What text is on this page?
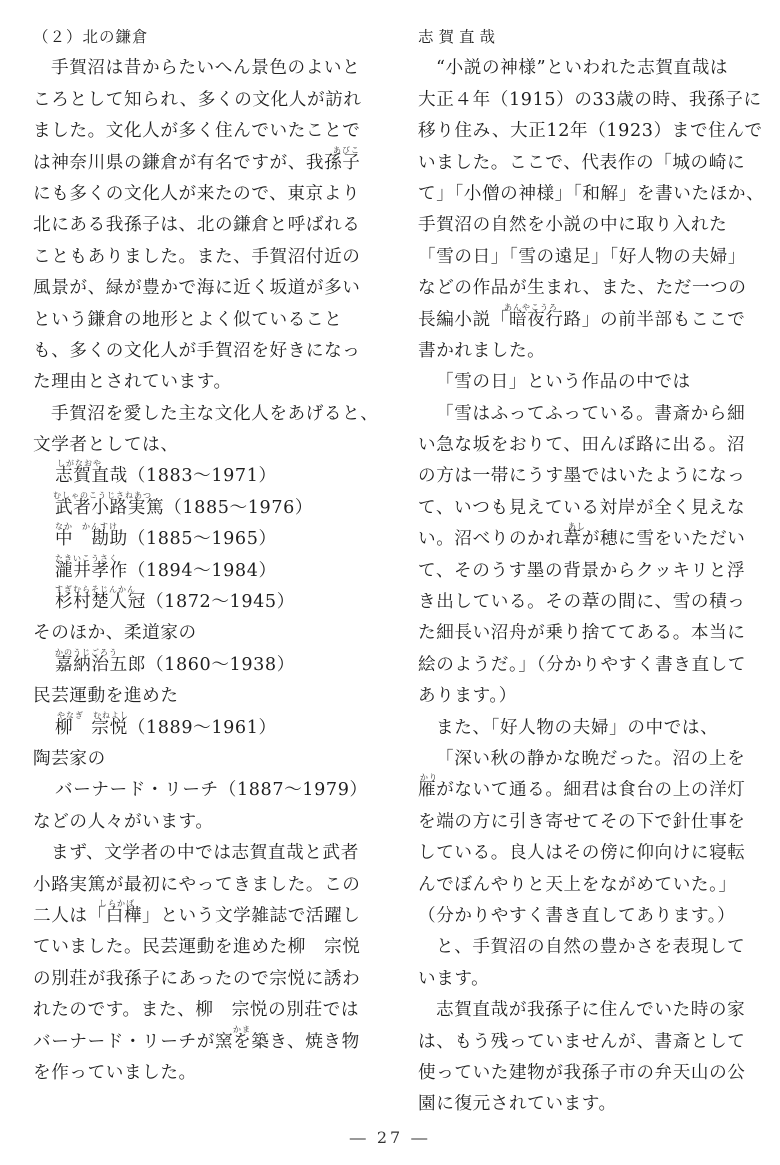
（２）北の鎌倉
手賀沼は昔からたいへん景色のよいと
ころとして知られ、多くの文化人が訪れ
ました。文化人が多く住んでいたことで
あびこ
は神奈川県の鎌倉が有名ですが、我孫子
にも多くの文化人が来たので、東京より
北にある我孫子は、北の鎌倉と呼ばれる
こともありました。また、手賀沼付近の
風景が、緑が豊かで海に近く坂道が多い
という鎌倉の地形とよく似ていること
も、多くの文化人が手賀沼を好きになっ
た理由とされています。
手賀沼を愛した主な文化人をあげると、
文学者としては、
しがなおや
志賀直哉（1883〜1971）
むしゃのこうじさねあつ
武者小路実篤（1885〜1976）
なか　かんすけ
中　勘助（1885〜1965）
たきいこうさく
瀧井孝作（1894〜1984）
すぎむらそじんかん
杉村楚人冠（1872〜1945）
そのほか、柔道家の
かのうじごろう
嘉納治五郎（1860〜1938）
民芸運動を進めた
やなぎ　むねよし
柳　宗悦（1889〜1961）
陶芸家の
バーナード・リーチ（1887〜1979）
などの人々がいます。
まず、文学者の中では志賀直哉と武者
小路実篤が最初にやってきました。この
しらかば
二人は「白樺」という文学雑誌で活躍し
ていました。民芸運動を進めた柳　宗悦
の別荘が我孫子にあったので宗悦に誘わ
れたのです。また、柳　宗悦の別荘では
かま
バーナード・リーチが窯を築き、焼き物
を作っていました。
志賀直哉
“小説の神様”といわれた志賀直哉は
大正４年（1915）の33歳の時、我孫子に
移り住み、大正12年（1923）まで住んで
いました。ここで、代表作の「城の崎に
て」「小僧の神様」「和解」を書いたほか、
手賀沼の自然を小説の中に取り入れた
「雪の日」「雪の遠足」「好人物の夫婦」
などの作品が生まれ、また、ただ一つの
あんやこうろ
長編小説「暗夜行路」の前半部もここで
書かれました。
「雪の日」という作品の中では
「雪はふってふっている。書斎から細
い急な坂をおりて、田んぼ路に出る。沼
の方は一帯にうす墨ではいたようになっ
て、いつも見えている対岸が全く見えな
あし
い。沼べりのかれ葦が穂に雪をいただい
て、そのうす墨の背景からクッキリと浮
き出している。その葦の間に、雪の積っ
た細長い沼舟が乗り捨ててある。本当に
絵のようだ。」（分かりやすく書き直して
あります。）
また、「好人物の夫婦」の中では、
「深い秋の静かな晩だった。沼の上を
かり
雁がないて通る。細君は食台の上の洋灯
を端の方に引き寄せてその下で針仕事を
している。良人はその傍に仰向けに寝転
んでぼんやりと天上をながめていた。」
（分かりやすく書き直してあります。）
と、手賀沼の自然の豊かさを表現して
います。
志賀直哉が我孫子に住んでいた時の家
は、もう残っていませんが、書斎として
使っていた建物が我孫子市の弁天山の公
園に復元されています。
― 27 ―
